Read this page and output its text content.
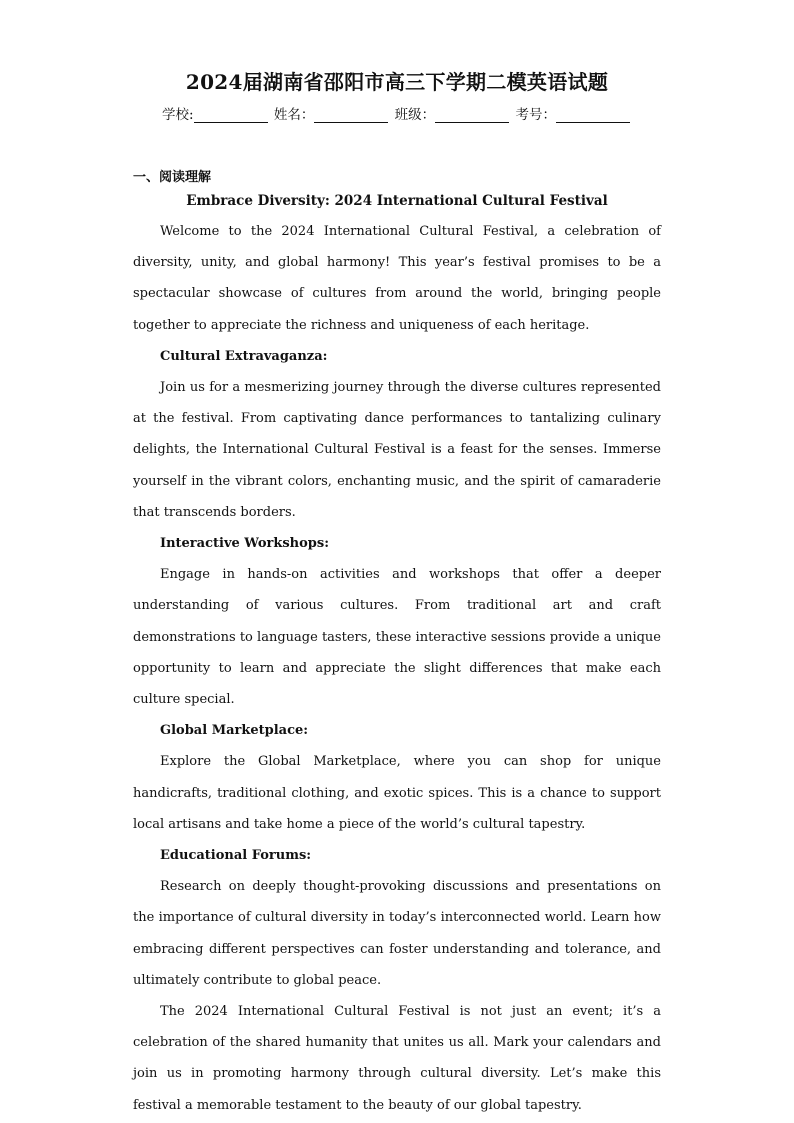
2024届湖南省邵阳市高三下学期二模英语试题
学校:	姓名：	班级：	考号：
一、阅读理解
Embrace Diversity: 2024 International Cultural Festival

Welcome to the 2024 International Cultural Festival, a celebration of diversity, unity, and global harmony! This year’s festival promises to be a spectacular showcase of cultures from around the world, bringing people together to appreciate the richness and uniqueness of each heritage.

Cultural Extravaganza:

Join us for a mesmerizing journey through the diverse cultures represented at the festival. From captivating dance performances to tantalizing culinary delights, the International Cultural Festival is a feast for the senses. Immerse yourself in the vibrant colors, enchanting music, and the spirit of camaraderie that transcends borders.

Interactive Workshops:

Engage in hands-on activities and workshops that offer a deeper understanding of various cultures. From traditional art and craft demonstrations to language tasters, these interactive sessions provide a unique opportunity to learn and appreciate the slight differences that make each culture special.

Global Marketplace:

Explore the Global Marketplace, where you can shop for unique handicrafts, traditional clothing, and exotic spices. This is a chance to support local artisans and take home a piece of the world’s cultural tapestry.

Educational Forums:

Research on deeply thought-provoking discussions and presentations on the importance of cultural diversity in today’s interconnected world. Learn how embracing different perspectives can foster understanding and tolerance, and ultimately contribute to global peace.

The 2024 International Cultural Festival is not just an event; it’s a celebration of the shared humanity that unites us all. Mark your calendars and join us in promoting harmony through cultural diversity. Let’s make this festival a memorable testament to the beauty of our global tapestry.
